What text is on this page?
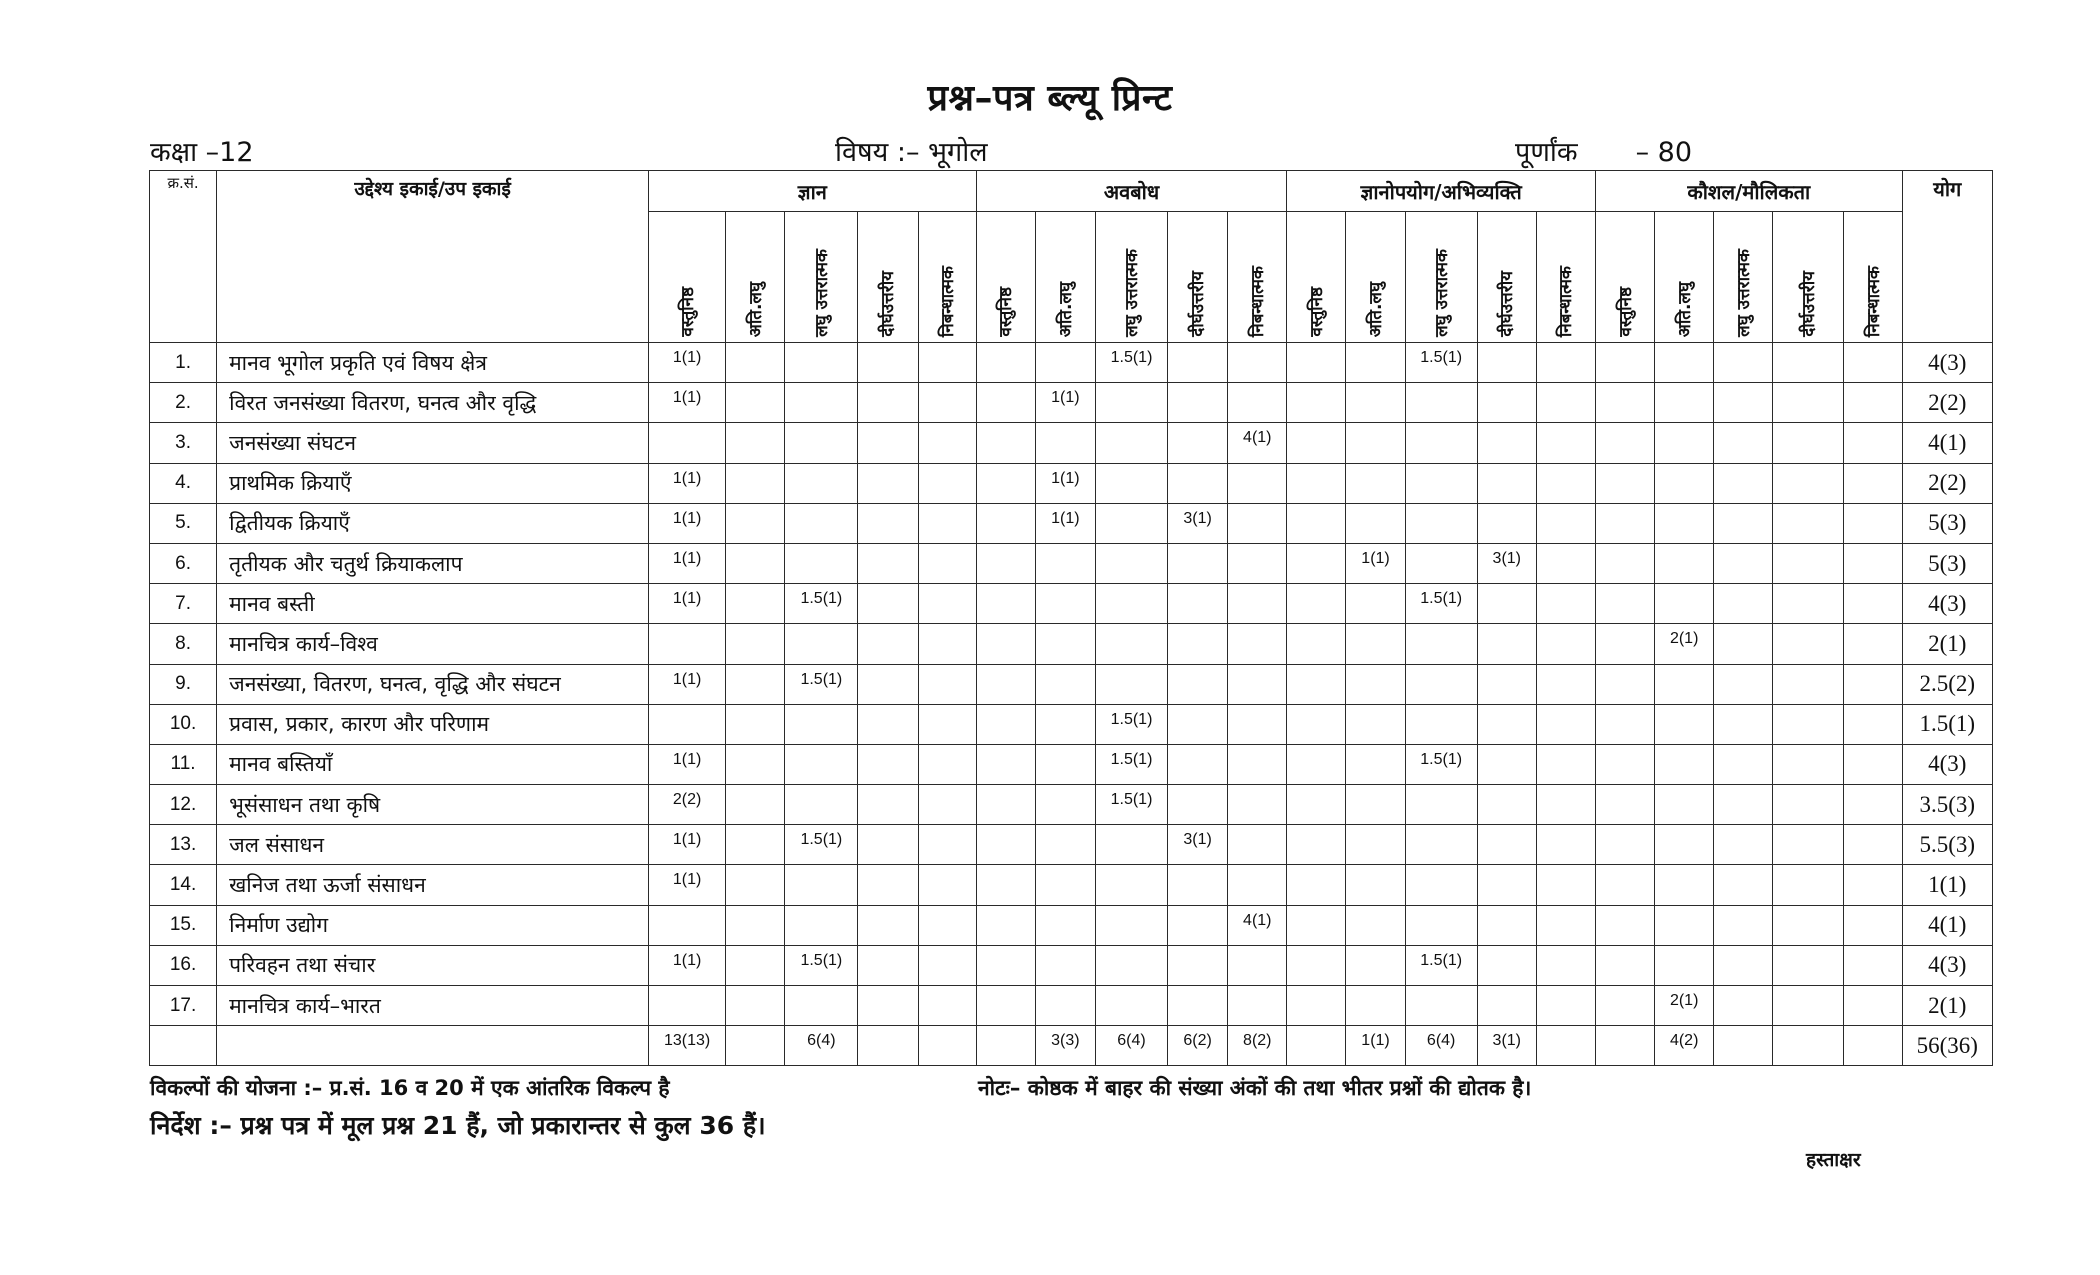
प्रश्न–पत्र ब्ल्यू प्रिन्ट
कक्षा –12	विषय :– भूगोल	पूर्णांक – 80
क्र.सं.	उद्देश्य इकाई/उप इकाई	ज्ञान					अवबोध					ज्ञानोपयोग/अभिव्यक्ति					कौशल/मौलिकता					योग
		वस्तुनिष्ठ	अति.लघु	लघु उत्तरात्मक	दीर्घउत्तरीय	निबन्धात्मक	वस्तुनिष्ठ	अति.लघु	लघु उत्तरात्मक	दीर्घउत्तरीय	निबन्धात्मक	वस्तुनिष्ठ	अति.लघु	लघु उत्तरात्मक	दीर्घउत्तरीय	निबन्धात्मक	वस्तुनिष्ठ	अति.लघु	लघु उत्तरात्मक	दीर्घउत्तरीय	निबन्धात्मक	
1.	मानव भूगोल प्रकृति एवं विषय क्षेत्र	1(1)							1.5(1)					1.5(1)								4(3)
2.	विरत जनसंख्या वितरण, घनत्व और वृद्धि	1(1)						1(1)														2(2)
3.	जनसंख्या संघटन										4(1)											4(1)
4.	प्राथमिक क्रियाएँ	1(1)						1(1)														2(2)
5.	द्वितीयक क्रियाएँ	1(1)						1(1)		3(1)												5(3)
6.	तृतीयक और चतुर्थ क्रियाकलाप	1(1)											1(1)		3(1)							5(3)
7.	मानव बस्ती	1(1)		1.5(1)										1.5(1)								4(3)
8.	मानचित्र कार्य–विश्व																	2(1)				2(1)
9.	जनसंख्या, वितरण, घनत्व, वृद्धि और संघटन	1(1)		1.5(1)																		2.5(2)
10.	प्रवास, प्रकार, कारण और परिणाम								1.5(1)													1.5(1)
11.	मानव बस्तियाँ	1(1)							1.5(1)					1.5(1)								4(3)
12.	भूसंसाधन तथा कृषि	2(2)							1.5(1)													3.5(3)
13.	जल संसाधन	1(1)		1.5(1)						3(1)												5.5(3)
14.	खनिज तथा ऊर्जा संसाधन	1(1)																				1(1)
15.	निर्माण उद्योग										4(1)											4(1)
16.	परिवहन तथा संचार	1(1)		1.5(1)										1.5(1)								4(3)
17.	मानचित्र कार्य–भारत																	2(1)				2(1)
		13(13)		6(4)				3(3)	6(4)	6(2)	8(2)		1(1)	6(4)	3(1)			4(2)				56(36)
विकल्पों की योजना :– प्र.सं. 16 व 20 में एक आंतरिक विकल्प है	नोटः– कोष्ठक में बाहर की संख्या अंकों की तथा भीतर प्रश्नों की द्योतक है।
निर्देश :– प्रश्न पत्र में मूल प्रश्न 21 हैं, जो प्रकारान्तर से कुल 36 हैं।
हस्ताक्षर
